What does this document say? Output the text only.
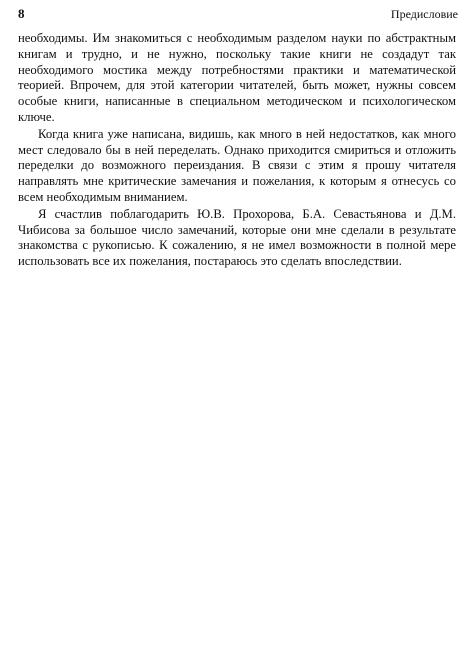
8	Предисловие

необходимы. Им знакомиться с необходимым разделом науки по абстрактным книгам и трудно, и не нужно, поскольку такие книги не создадут так необходимого мостика между потребностями практики и математической теорией. Впрочем, для этой категории читателей, быть может, нужны совсем особые книги, написанные в специальном методическом и психологическом ключе.

Когда книга уже написана, видишь, как много в ней недостатков, как много мест следовало бы в ней переделать. Однако приходится смириться и отложить переделки до возможного переиздания. В связи с этим я прошу читателя направлять мне критические замечания и пожелания, к которым я отнесусь со всем необходимым вниманием.

Я счастлив поблагодарить Ю.В. Прохорова, Б.А. Севастьянова и Д.М. Чибисова за большое число замечаний, которые они мне сделали в результате знакомства с рукописью. К сожалению, я не имел возможности в полной мере использовать все их пожелания, постараюсь это сделать впоследствии.
